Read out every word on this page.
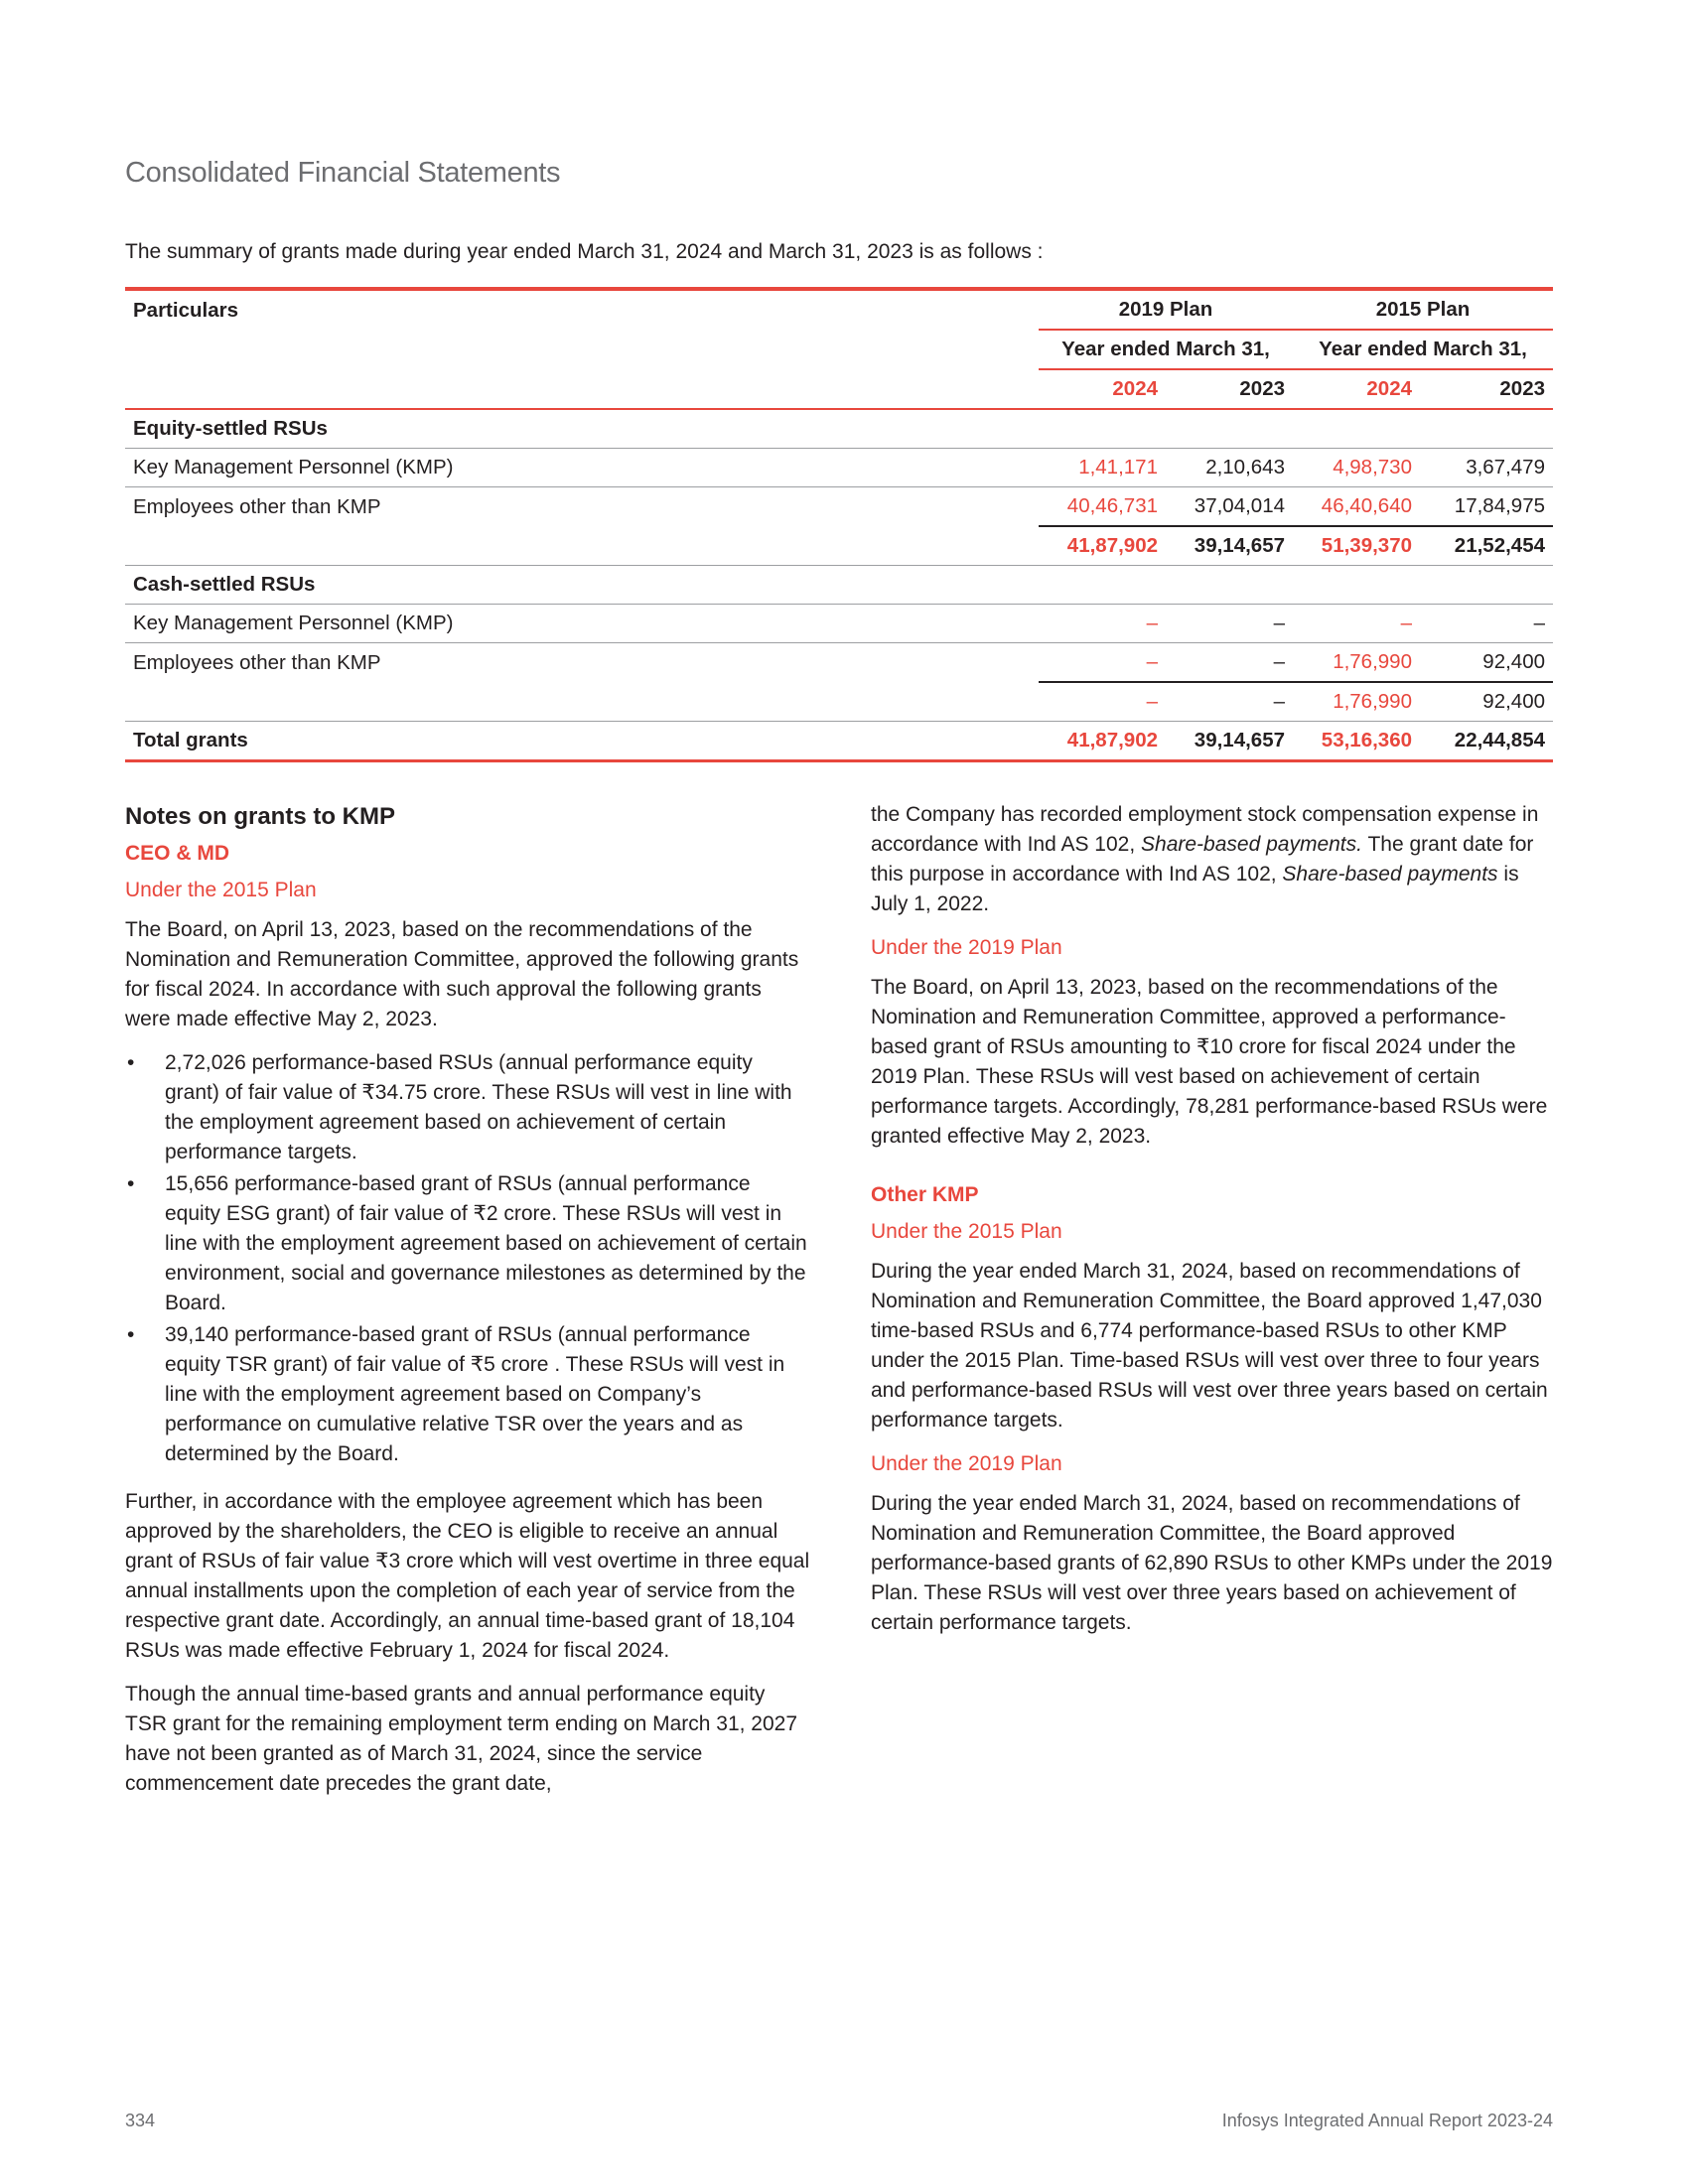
Consolidated Financial Statements
The summary of grants made during year ended March 31, 2024 and March 31, 2023 is as follows :
Particulars	2019 Plan		2015 Plan	
	Year ended March 31,		Year ended March 31,	
	2024	2023	2024	2023
Equity-settled RSUs				
Key Management Personnel (KMP)	1,41,171	2,10,643	4,98,730	3,67,479
Employees other than KMP	40,46,731	37,04,014	46,40,640	17,84,975
	41,87,902	39,14,657	51,39,370	21,52,454
Cash-settled RSUs				
Key Management Personnel (KMP)	–	–	–	–
Employees other than KMP	–	–	1,76,990	92,400
	–	–	1,76,990	92,400
Total grants	41,87,902	39,14,657	53,16,360	22,44,854
Notes on grants to KMP
CEO & MD
Under the 2015 Plan

The Board, on April 13, 2023, based on the recommendations of the Nomination and Remuneration Committee, approved the following grants for fiscal 2024. In accordance with such approval the following grants were made effective May 2, 2023.

• 2,72,026 performance-based RSUs (annual performance equity grant) of fair value of ₹34.75 crore. These RSUs will vest in line with the employment agreement based on achievement of certain performance targets.
• 15,656 performance-based grant of RSUs (annual performance equity ESG grant) of fair value of ₹2 crore. These RSUs will vest in line with the employment agreement based on achievement of certain environment, social and governance milestones as determined by the Board.
• 39,140 performance-based grant of RSUs (annual performance equity TSR grant) of fair value of ₹5 crore . These RSUs will vest in line with the employment agreement based on Company’s performance on cumulative relative TSR over the years and as determined by the Board.

Further, in accordance with the employee agreement which has been approved by the shareholders, the CEO is eligible to receive an annual grant of RSUs of fair value ₹3 crore which will vest overtime in three equal annual installments upon the completion of each year of service from the respective grant date. Accordingly, an annual time-based grant of 18,104 RSUs was made effective February 1, 2024 for fiscal 2024.

Though the annual time-based grants and annual performance equity TSR grant for the remaining employment term ending on March 31, 2027 have not been granted as of March 31, 2024, since the service commencement date precedes the grant date,

the Company has recorded employment stock compensation expense in accordance with Ind AS 102, Share-based payments. The grant date for this purpose in accordance with Ind AS 102, Share-based payments is July 1, 2022.

Under the 2019 Plan

The Board, on April 13, 2023, based on the recommendations of the Nomination and Remuneration Committee, approved a performance-based grant of RSUs amounting to ₹10 crore for fiscal 2024 under the 2019 Plan. These RSUs will vest based on achievement of certain performance targets. Accordingly, 78,281 performance-based RSUs were granted effective May 2, 2023.

Other KMP
Under the 2015 Plan

During the year ended March 31, 2024, based on recommendations of Nomination and Remuneration Committee, the Board approved 1,47,030 time-based RSUs and 6,774 performance-based RSUs to other KMP under the 2015 Plan. Time-based RSUs will vest over three to four years and performance-based RSUs will vest over three years based on certain performance targets.

Under the 2019 Plan

During the year ended March 31, 2024, based on recommendations of Nomination and Remuneration Committee, the Board approved performance-based grants of 62,890 RSUs to other KMPs under the 2019 Plan. These RSUs will vest over three years based on achievement of certain performance targets.

334	Infosys Integrated Annual Report 2023-24
